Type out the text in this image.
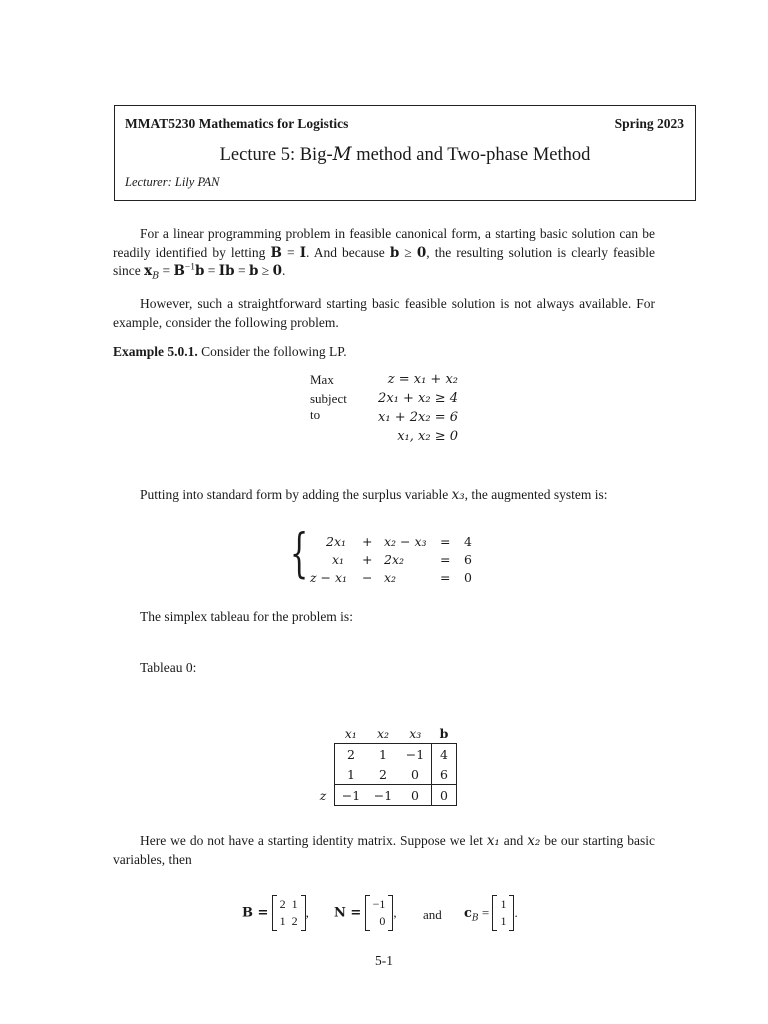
MMAT5230 Mathematics for Logistics	Spring 2023
Lecture 5: Big-M method and Two-phase Method
Lecturer: Lily PAN
For a linear programming problem in feasible canonical form, a starting basic solution can be readily identified by letting B = I. And because b ≥ 0, the resulting solution is clearly feasible since $x_B = B^{-1}b = Ib = b \ge 0$.
However, such a straightforward starting basic feasible solution is not always available. For example, consider the following problem.
Example 5.0.1. Consider the following LP.
Max	z = x₁ + x₂
subject to
2x₁ + x₂ ≥ 4
x₁ + 2x₂ = 6
x₁, x₂ ≥ 0
Putting into standard form by adding the surplus variable x₃, the augmented system is:
{ 2x₁ + x₂ − x₃ = 4
x₁ + 2x₂	= 6
z − x₁ − x₂	= 0
The simplex tableau for the problem is:
Tableau 0:
	x₁	x₂	x₃	b
	2	1	−1	4
	1	2	0	6
z	−1	−1	0	0
Here we do not have a starting identity matrix. Suppose we let x₁ and x₂ be our starting basic variables, then
B =
2	1
1	2
, N =
−1
0
, and $c_B$ =
1
1
.
5-1
